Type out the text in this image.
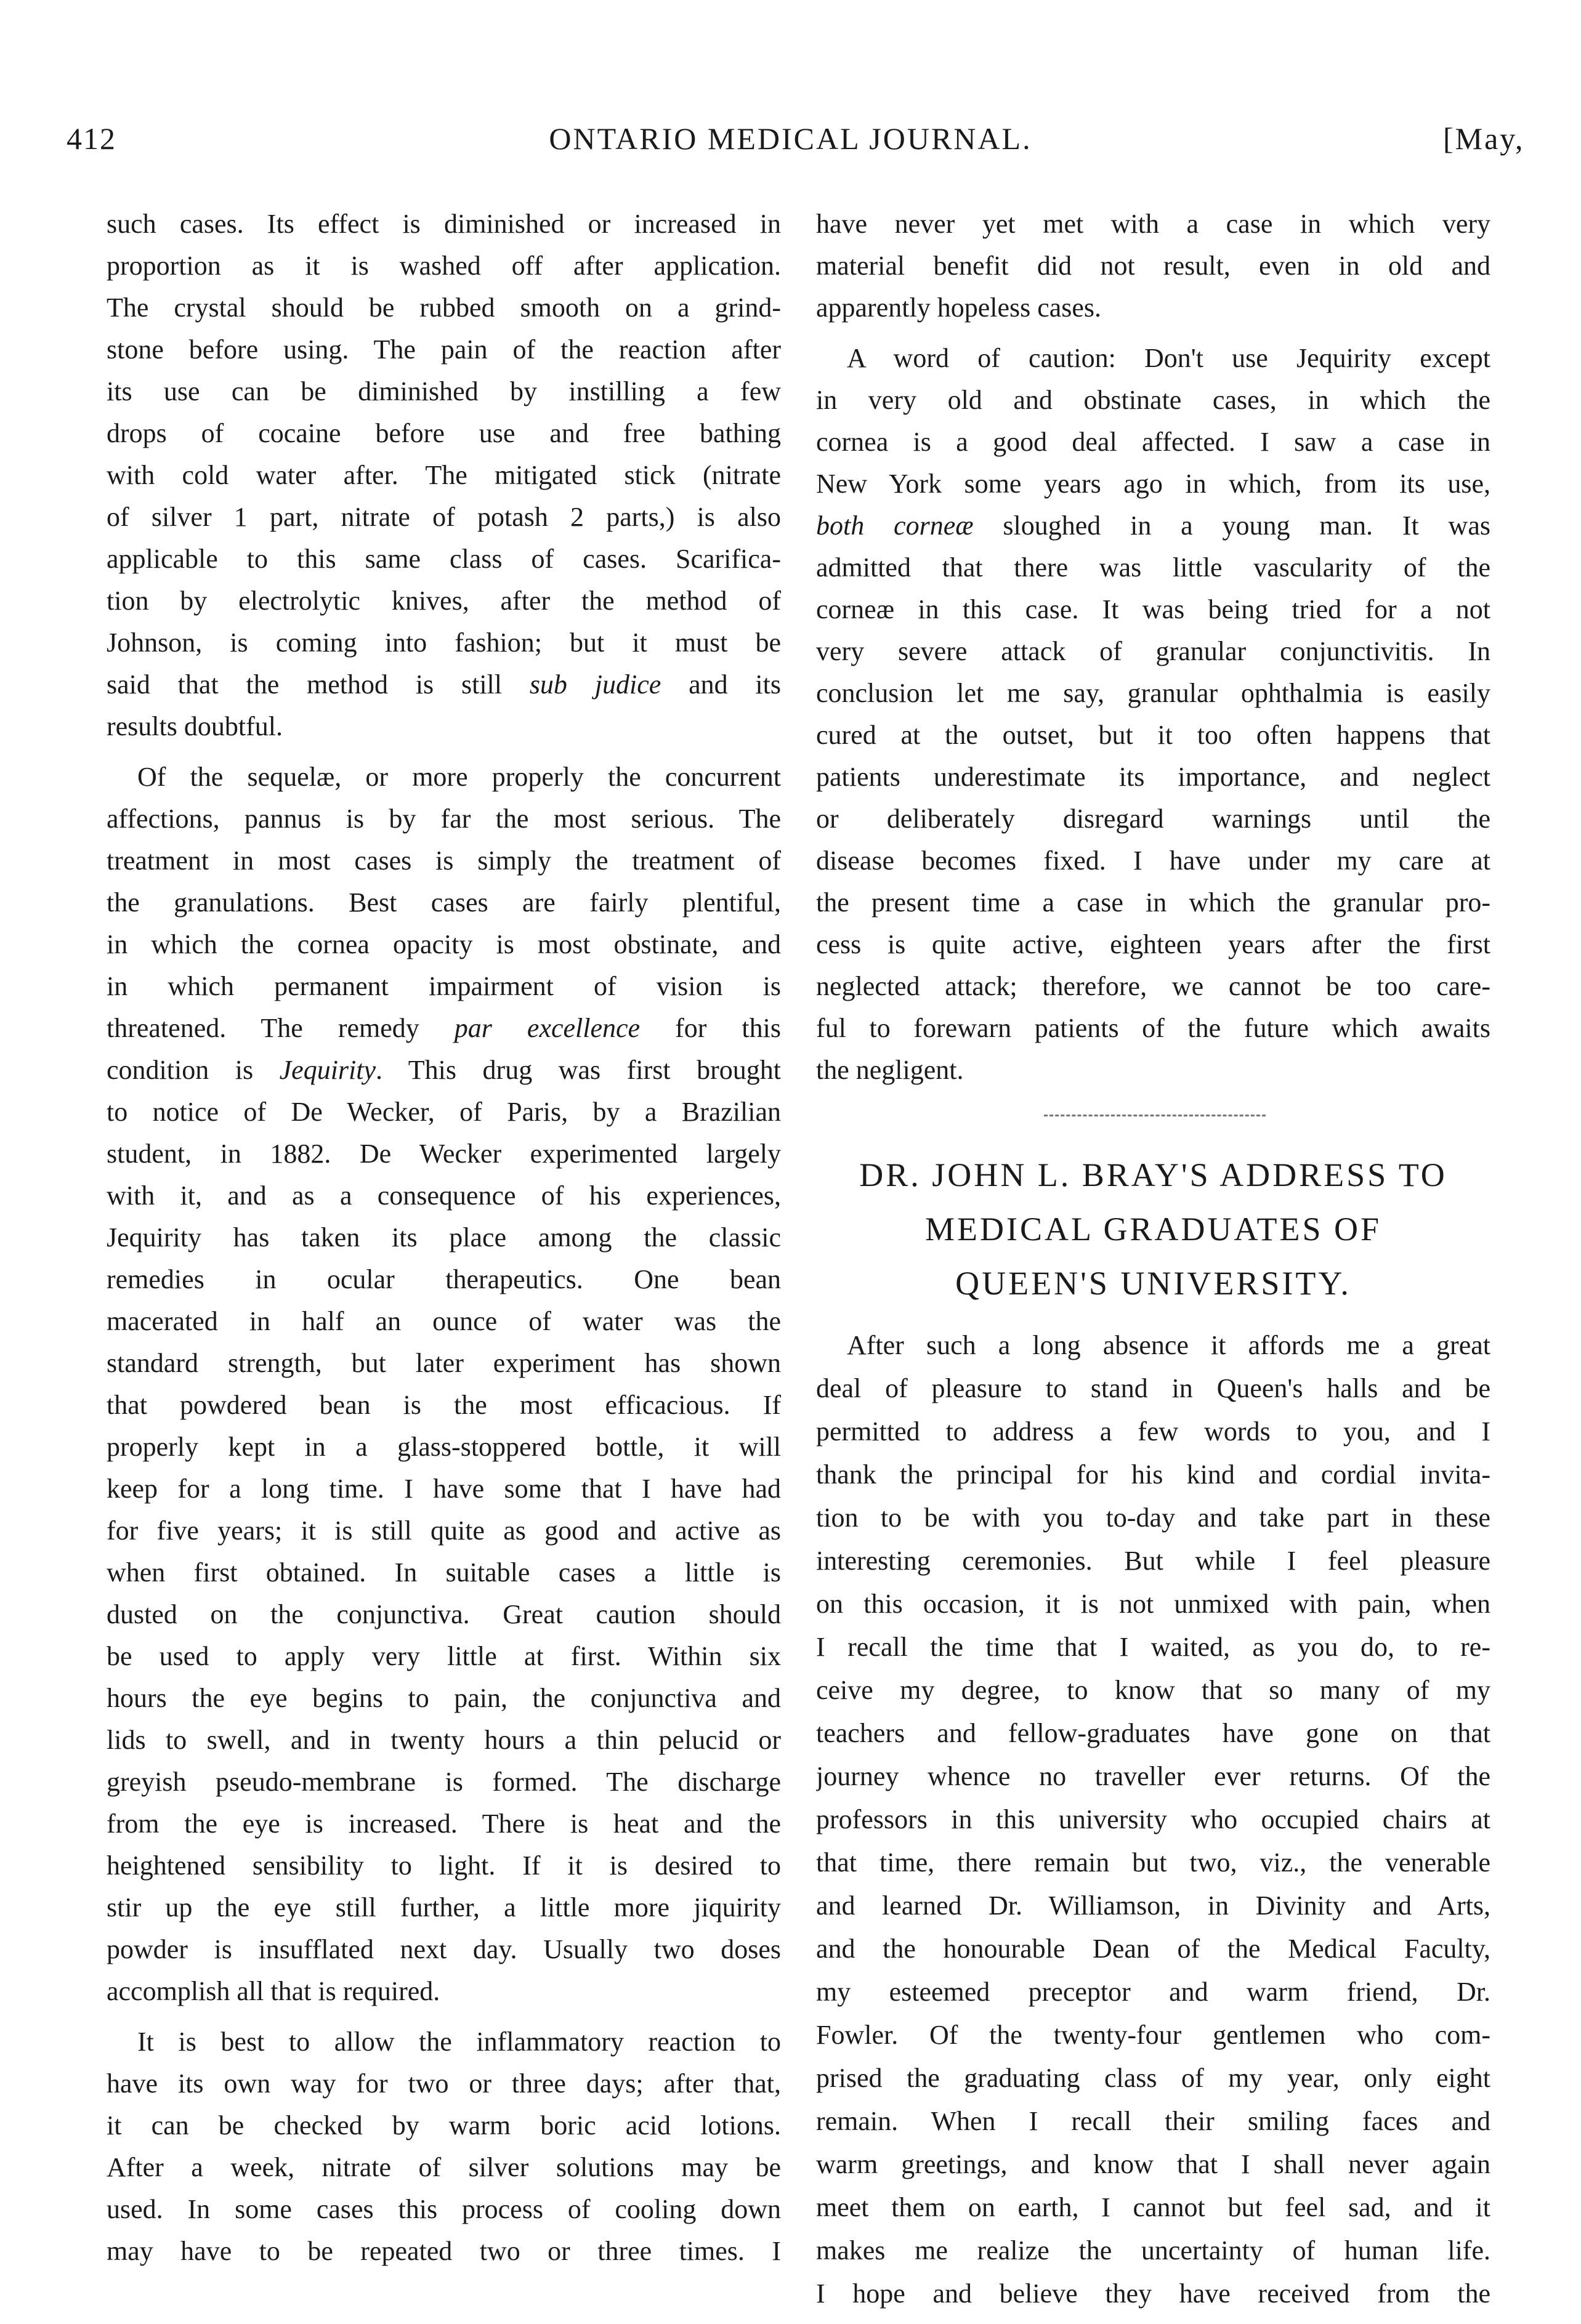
412	ONTARIO MEDICAL JOURNAL.	[May,
such cases. Its effect is diminished or increased in
proportion as it is washed off after application.
The crystal should be rubbed smooth on a grind-
stone before using. The pain of the reaction after
its use can be diminished by instilling a few
drops of cocaine before use and free bathing
with cold water after. The mitigated stick (nitrate
of silver 1 part, nitrate of potash 2 parts,) is also
applicable to this same class of cases. Scarifica-
tion by electrolytic knives, after the method of
Johnson, is coming into fashion; but it must be
said that the method is still sub judice and its
results doubtful.
Of the sequelæ, or more properly the concurrent
affections, pannus is by far the most serious. The
treatment in most cases is simply the treatment of
the granulations. Best cases are fairly plentiful,
in which the cornea opacity is most obstinate, and
in which permanent impairment of vision is
threatened. The remedy par excellence for this
condition is Jequirity. This drug was first brought
to notice of De Wecker, of Paris, by a Brazilian
student, in 1882. De Wecker experimented largely
with it, and as a consequence of his experiences,
Jequirity has taken its place among the classic
remedies in ocular therapeutics. One bean
macerated in half an ounce of water was the
standard strength, but later experiment has shown
that powdered bean is the most efficacious. If
properly kept in a glass-stoppered bottle, it will
keep for a long time. I have some that I have had
for five years; it is still quite as good and active as
when first obtained. In suitable cases a little is
dusted on the conjunctiva. Great caution should
be used to apply very little at first. Within six
hours the eye begins to pain, the conjunctiva and
lids to swell, and in twenty hours a thin pelucid or
greyish pseudo-membrane is formed. The discharge
from the eye is increased. There is heat and the
heightened sensibility to light. If it is desired to
stir up the eye still further, a little more jiquirity
powder is insufflated next day. Usually two doses
accomplish all that is required.
It is best to allow the inflammatory reaction to
have its own way for two or three days; after that,
it can be checked by warm boric acid lotions.
After a week, nitrate of silver solutions may be
used. In some cases this process of cooling down
may have to be repeated two or three times. I
have never yet met with a case in which very
material benefit did not result, even in old and
apparently hopeless cases.
A word of caution: Don't use Jequirity except
in very old and obstinate cases, in which the
cornea is a good deal affected. I saw a case in
New York some years ago in which, from its use,
both corneæ sloughed in a young man. It was
admitted that there was little vascularity of the
corneæ in this case. It was being tried for a not
very severe attack of granular conjunctivitis. In
conclusion let me say, granular ophthalmia is easily
cured at the outset, but it too often happens that
patients underestimate its importance, and neglect
or deliberately disregard warnings until the
disease becomes fixed. I have under my care at
the present time a case in which the granular pro-
cess is quite active, eighteen years after the first
neglected attack; therefore, we cannot be too care-
ful to forewarn patients of the future which awaits
the negligent.
DR. JOHN L. BRAY'S ADDRESS TO
MEDICAL GRADUATES OF
QUEEN'S UNIVERSITY.
After such a long absence it affords me a great
deal of pleasure to stand in Queen's halls and be
permitted to address a few words to you, and I
thank the principal for his kind and cordial invita-
tion to be with you to-day and take part in these
interesting ceremonies. But while I feel pleasure
on this occasion, it is not unmixed with pain, when
I recall the time that I waited, as you do, to re-
ceive my degree, to know that so many of my
teachers and fellow-graduates have gone on that
journey whence no traveller ever returns. Of the
professors in this university who occupied chairs at
that time, there remain but two, viz., the venerable
and learned Dr. Williamson, in Divinity and Arts,
and the honourable Dean of the Medical Faculty,
my esteemed preceptor and warm friend, Dr.
Fowler. Of the twenty-four gentlemen who com-
prised the graduating class of my year, only eight
remain. When I recall their smiling faces and
warm greetings, and know that I shall never again
meet them on earth, I cannot but feel sad, and it
makes me realize the uncertainty of human life.
I hope and believe they have received from the
